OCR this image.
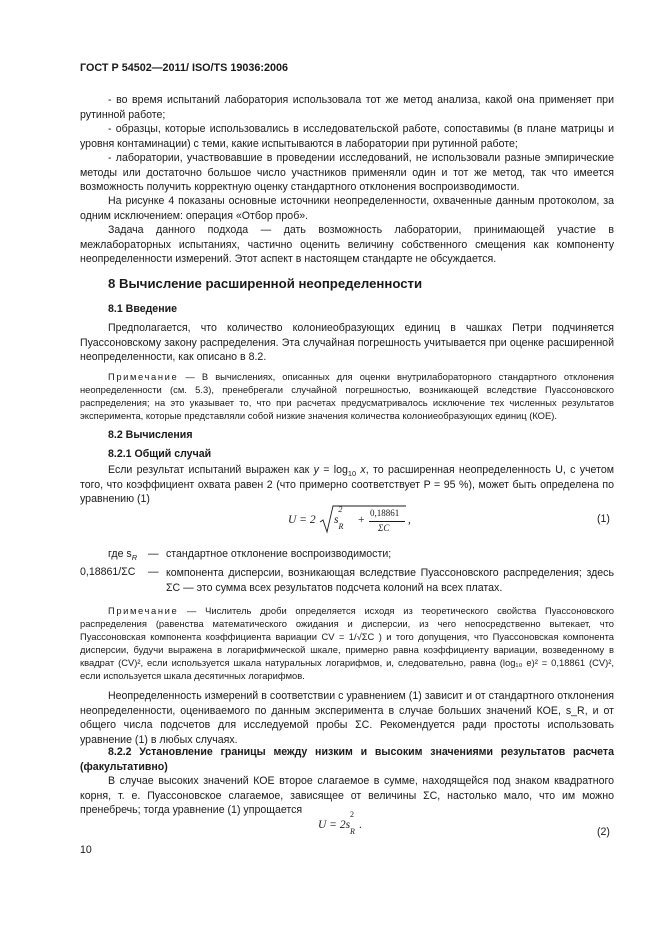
ГОСТ Р 54502—2011/ ISO/TS 19036:2006
- во время испытаний лаборатория использовала тот же метод анализа, какой она применяет при рутинной работе;
- образцы, которые использовались в исследовательской работе, сопоставимы (в плане матрицы и уровня контаминации) с теми, какие испытываются в лаборатории при рутинной работе;
- лаборатории, участвовавшие в проведении исследований, не использовали разные эмпирические методы или достаточно большое число участников применяли один и тот же метод, так что имеется возможность получить корректную оценку стандартного отклонения воспроизводимости.
На рисунке 4 показаны основные источники неопределенности, охваченные данным протоколом, за одним исключением: операция «Отбор проб».
Задача данного подхода — дать возможность лаборатории, принимающей участие в межлабораторных испытаниях, частично оценить величину собственного смещения как компоненту неопределенности измерений. Этот аспект в настоящем стандарте не обсуждается.
8 Вычисление расширенной неопределенности
8.1 Введение
Предполагается, что количество колониеобразующих единиц в чашках Петри подчиняется Пуассоновскому закону распределения. Эта случайная погрешность учитывается при оценке расширенной неопределенности, как описано в 8.2.
Примечание — В вычислениях, описанных для оценки внутрилабораторного стандартного отклонения неопределенности (см. 5.3), пренебрегали случайной погрешностью, возникающей вследствие Пуассоновского распределения; на это указывает то, что при расчетах предусматривалось исключение тех численных результатов эксперимента, которые представляли собой низкие значения количества колониеобразующих единиц (КОЕ).
8.2 Вычисления
8.2.1 Общий случай
Если результат испытаний выражен как $y = \log_{10} x$, то расширенная неопределенность U, с учетом того, что коэффициент охвата равен 2 (что примерно соответствует P = 95 %), может быть определена по уравнению (1)
U = 2 $s_R^2$
+
0,18861
ΣC
,	(1)
где $s_R$ — стандартное отклонение воспроизводимости;
0,18861/ΣC — компонента дисперсии, возникающая вследствие Пуассоновского распределения; здесь ΣC — это сумма всех результатов подсчета колоний на всех платах.
Примечание — Числитель дроби определяется исходя из теоретического свойства Пуассоновского распределения (равенства математического ожидания и дисперсии, из чего непосредственно вытекает, что Пуассоновская компонента коэффициента вариации CV = 1/√ΣC ) и того допущения, что Пуассоновская компонента дисперсии, будучи выражена в логарифмической шкале, примерно равна коэффициенту вариации, возведенному в квадрат (CV)², если используется шкала натуральных логарифмов, и, следовательно, равна (log₁₀ e)² = 0,18861 (CV)², если используется шкала десятичных логарифмов.
Неопределенность измерений в соответствии с уравнением (1) зависит и от стандартного отклонения неопределенности, оцениваемого по данным эксперимента в случае больших значений КОЕ, s_R, и от общего числа подсчетов для исследуемой пробы ΣC. Рекомендуется ради простоты использовать уравнение (1) в любых случаях.
8.2.2 Установление границы между низким и высоким значениями результатов расчета (факультативно)
В случае высоких значений КОЕ второе слагаемое в сумме, находящейся под знаком квадратного корня, т. е. Пуассоновское слагаемое, зависящее от величины ΣC, настолько мало, что им можно пренебречь; тогда уравнение (1) упрощается
$U = 2s_R^2$.
(2)
10
